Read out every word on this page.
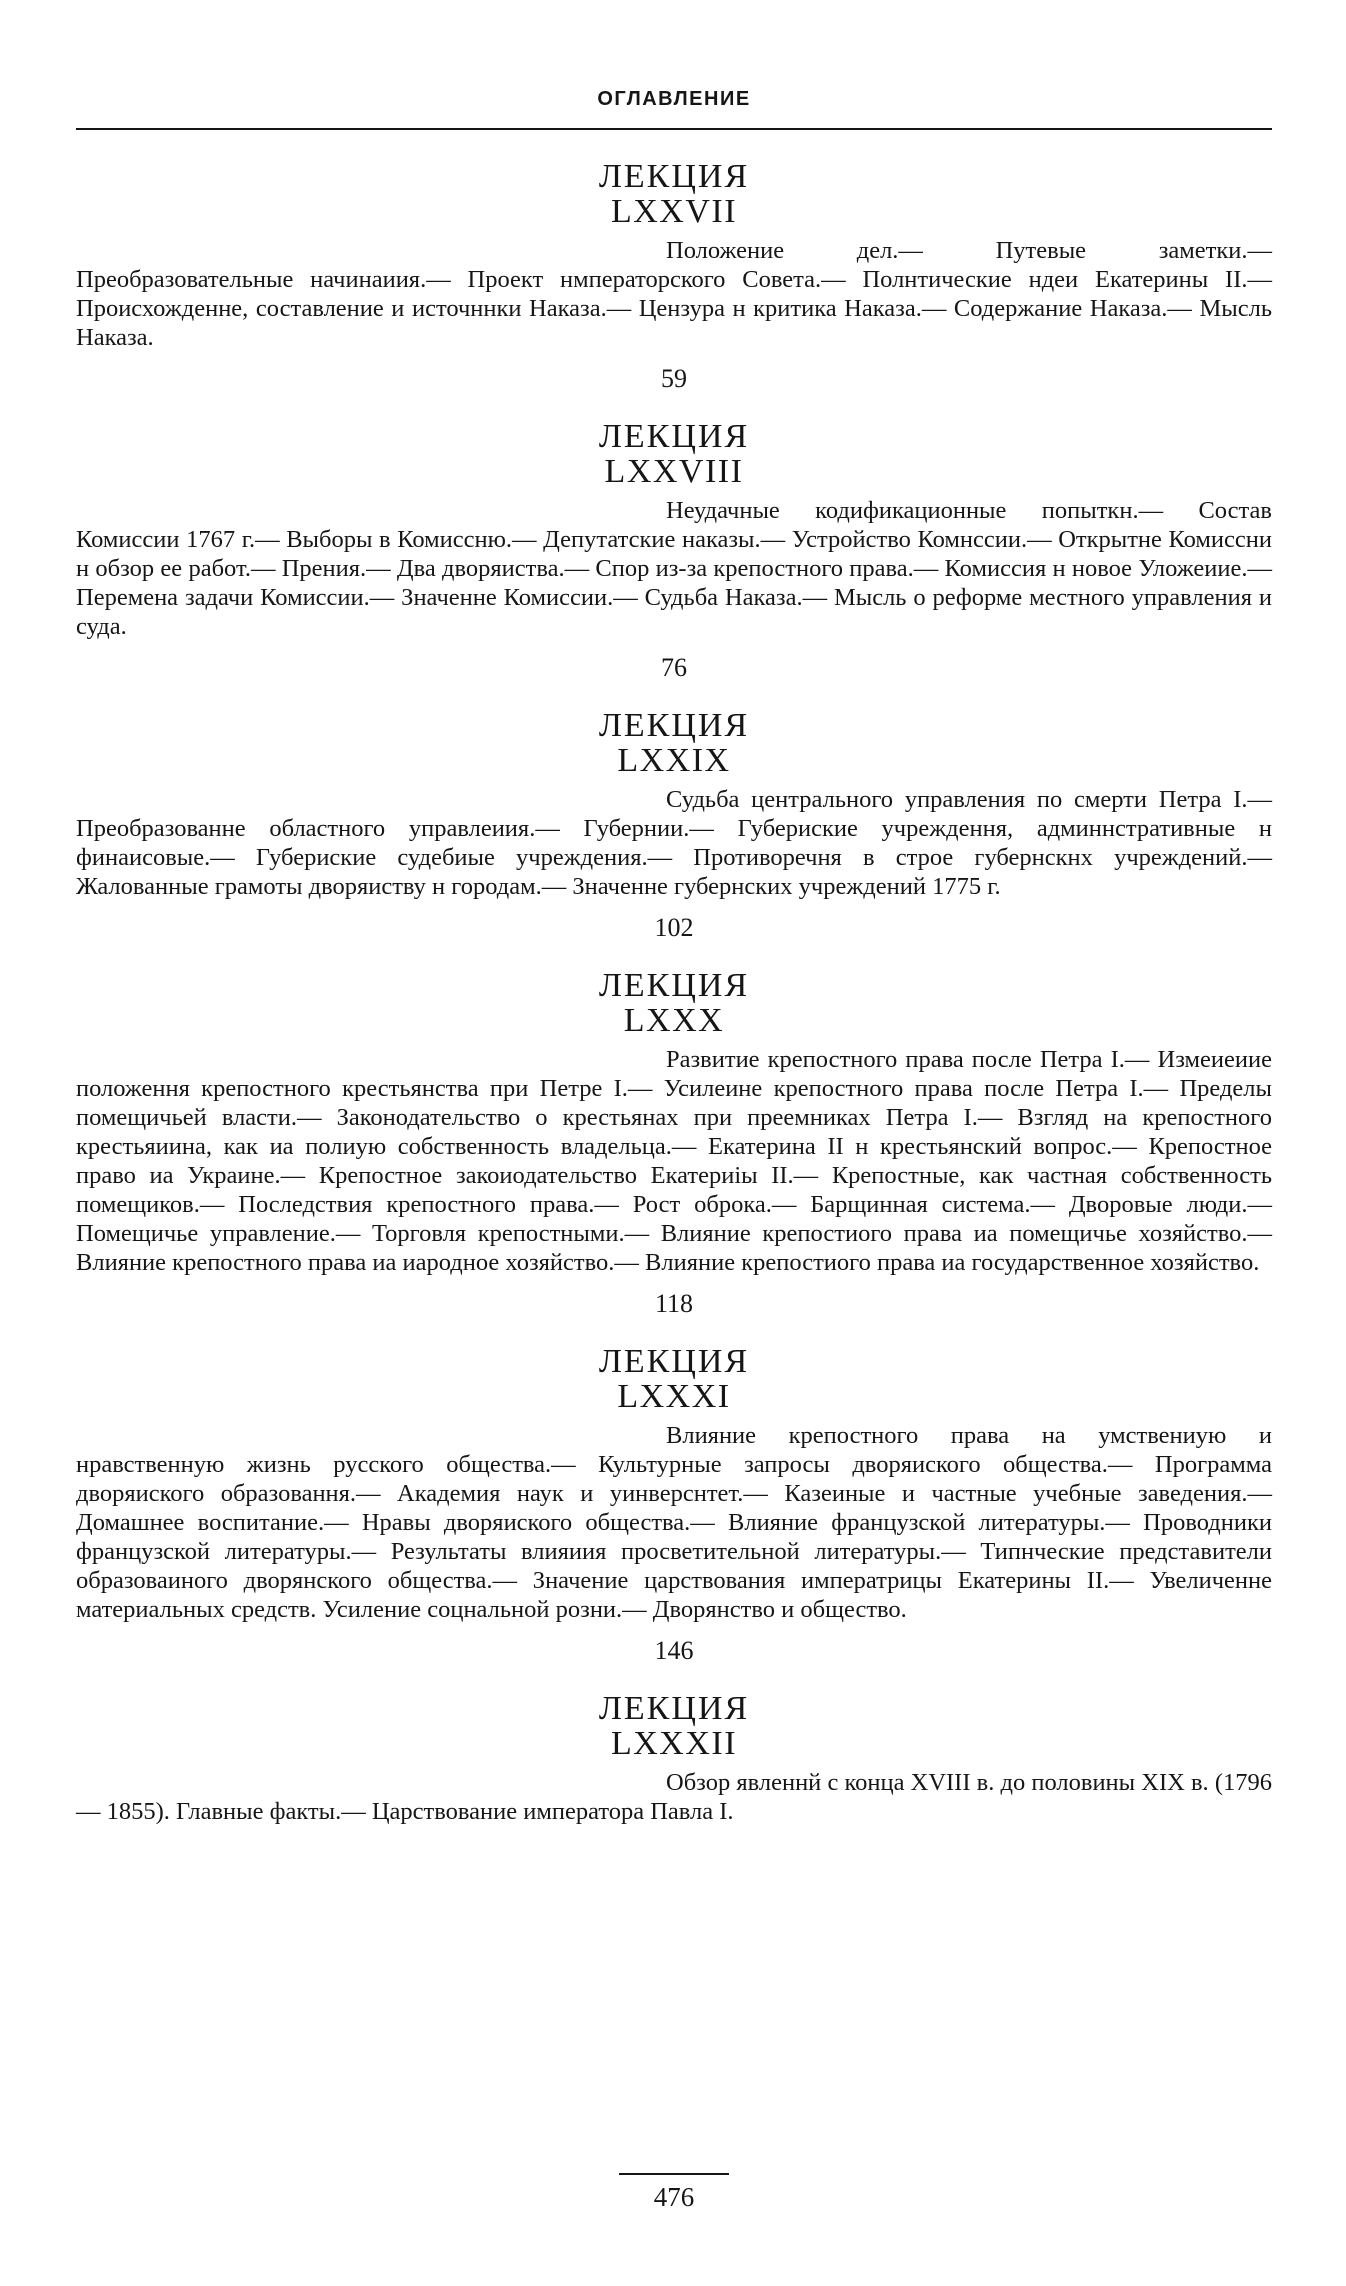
ОГЛАВЛЕНИЕ
ЛЕКЦИЯ
LXXVII

Положение дел.— Путевые заметки.— Преобразовательные начинаиия.— Проект нмператорского Совета.— Полнтические ндеи Екатерины II.— Происхожденне, составление и источннки Наказа.— Цензура н критика Наказа.— Содержание Наказа.— Мысль Наказа.

59
ЛЕКЦИЯ
LXXVIII

Неудачные кодификационные попыткн.— Состав Комиссии 1767 г.— Выборы в Комиссню.— Депутатские наказы.— Устройство Комнссии.— Открытне Комиссни н обзор ее работ.— Прения.— Два дворяиства.— Спор из-за крепостного права.— Комиссия н новое Уложеиие.— Перемена задачи Комиссии.— Значенне Комиссии.— Судьба Наказа.— Мысль о реформе местного управления и суда.

76
ЛЕКЦИЯ
LXXIX

Судьба центрального управления по смерти Петра I.— Преобразованне областного управлеиия.— Губернии.— Губериские учреждення, админнстративные н финаисовые.— Губериские судебиые учреждения.— Противоречня в строе губернскнх учреждений.— Жалованные грамоты дворяиству н городам.— Значенне губернских учреждений 1775 г.

102
ЛЕКЦИЯ
LXXX

Развитие крепостного права после Петра I.— Измеиеиие положення крепостного крестьянства при Петре I.— Усилеине крепостного права после Петра I.— Пределы помещичьей власти.— Законодательство о крестьянах при преемниках Петра I.— Взгляд на крепостного крестьяиина, как иа полиую собственность владельца.— Екатерина II н крестьянский вопрос.— Крепостное право иа Украине.— Крепостное закоиодательство Екатериiы II.— Крепостные, как частная собственность помещиков.— Последствия крепостного права.— Рост оброка.— Барщинная система.— Дворовые люди.— Помещичье управление.— Торговля крепостными.— Влияние крепостиого права иа помещичье хозяйство.— Влияние крепостного права иа иародное хозяйство.— Влияние крепостиого права иа государственное хозяйство.

118
ЛЕКЦИЯ
LXXXI

Влияние крепостного права на умствениую и нравственную жизнь русского общества.— Культурные запросы дворяиского общества.— Программа дворяиского образовання.— Академия наук и уинверснтет.— Казеиные и частные учебные заведения.— Домашнее воспитание.— Нравы дворяиского общества.— Влияние французской литературы.— Проводники французской литературы.— Результаты влияиия просветительной литературы.— Типнческие представители образоваиного дворянского общества.— Значение царствования императрицы Екатерины II.— Увеличенне материальных средств. Усиление соцнальной розни.— Дворянство и общество.

146
ЛЕКЦИЯ
LXXXII

Обзор явленнй с конца XVIII в. до половины XIX в. (1796— 1855). Главные факты.— Царствование императора Павла I.

476
